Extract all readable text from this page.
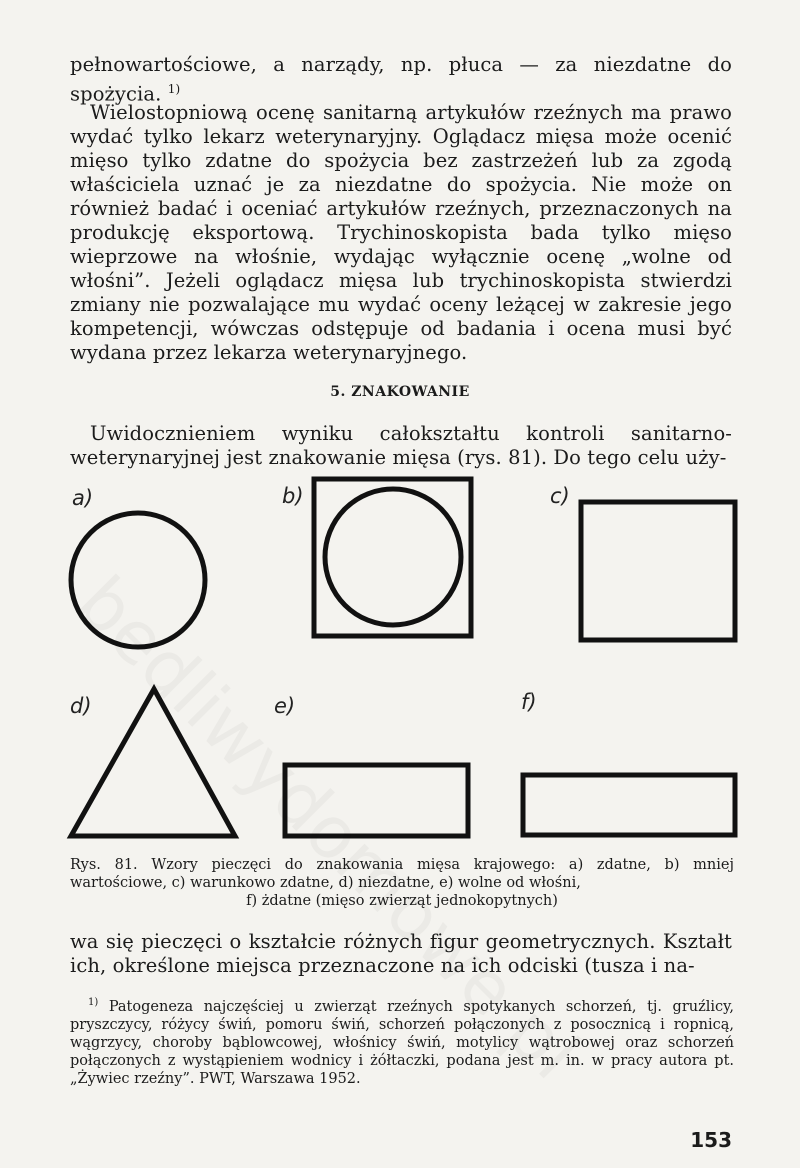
pełnowartościowe, a narządy, np. płuca — za niezdatne do spożycia. $^{1)}$
Wielostopniową ocenę sanitarną artykułów rzeźnych ma prawo wydać tylko lekarz weterynaryjny. Oglądacz mięsa może ocenić mięso tylko zdatne do spożycia bez zastrzeżeń lub za zgodą właściciela uznać je za niezdatne do spożycia. Nie może on również badać i oceniać artykułów rzeźnych, przeznaczonych na produkcję eksportową. Trychinoskopista bada tylko mięso wieprzowe na włośnie, wydając wyłącznie ocenę „wolne od włośni”. Jeżeli oglądacz mięsa lub trychinoskopista stwierdzi zmiany nie pozwalające mu wydać oceny leżącej w zakresie jego kompetencji, wówczas odstępuje od badania i ocena musi być wydana przez lekarza weterynaryjnego.
5. ZNAKOWANIE
Uwidocznieniem wyniku całokształtu kontroli sanitarno-weterynaryjnej jest znakowanie mięsa (rys. 81). Do tego celu uży-
a)	b)	c)
d)	e)	f)
Rys. 81. Wzory pieczęci do znakowania mięsa krajowego: a) zdatne, b) mniej wartościowe, c) warunkowo zdatne, d) niezdatne, e) wolne od włośni,
f) żdatne (mięso zwierząt jednokopytnych)
wa się pieczęci o kształcie różnych figur geometrycznych. Kształt ich, określone miejsca przeznaczone na ich odciski (tusza i na-
$^{1)}$ Patogeneza najczęściej u zwierząt rzeźnych spotykanych schorzeń, tj. gruźlicy, pryszczycy, różycy świń, pomoru świń, schorzeń połączonych z posocznicą i ropnicą, wągrzycy, choroby bąblowcowej, włośnicy świń, motylicy wątrobowej oraz schorzeń połączonych z wystąpieniem wodnicy i żółtaczki, podana jest m. in. w pracy autora pt. „Żywiec rzeźny”. PWT, Warszawa 1952.
153
